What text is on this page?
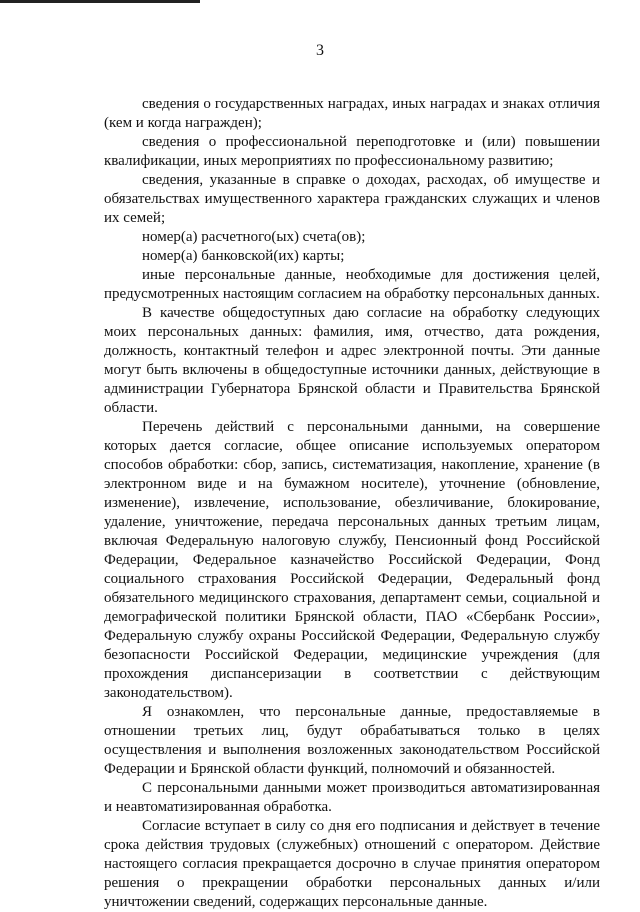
3

сведения о государственных наградах, иных наградах и знаках отличия (кем и когда награжден);

сведения о профессиональной переподготовке и (или) повышении квалификации, иных мероприятиях по профессиональному развитию;

сведения, указанные в справке о доходах, расходах, об имуществе и обязательствах имущественного характера гражданских служащих и членов их семей;

номер(а) расчетного(ых) счета(ов);

номер(а) банковской(их) карты;

иные персональные данные, необходимые для достижения целей, предусмотренных настоящим согласием на обработку персональных данных.

В качестве общедоступных даю согласие на обработку следующих моих персональных данных: фамилия, имя, отчество, дата рождения, должность, контактный телефон и адрес электронной почты. Эти данные могут быть включены в общедоступные источники данных, действующие в администрации Губернатора Брянской области и Правительства Брянской области.

Перечень действий с персональными данными, на совершение которых дается согласие, общее описание используемых оператором способов обработки: сбор, запись, систематизация, накопление, хранение (в электронном виде и на бумажном носителе), уточнение (обновление, изменение), извлечение, использование, обезличивание, блокирование, удаление, уничтожение, передача персональных данных третьим лицам, включая Федеральную налоговую службу, Пенсионный фонд Российской Федерации, Федеральное казначейство Российской Федерации, Фонд социального страхования Российской Федерации, Федеральный фонд обязательного медицинского страхования, департамент семьи, социальной и демографической политики Брянской области, ПАО «Сбербанк России», Федеральную службу охраны Российской Федерации, Федеральную службу безопасности Российской Федерации, медицинские учреждения (для прохождения диспансеризации в соответствии с действующим законодательством).

Я ознакомлен, что персональные данные, предоставляемые в отношении третьих лиц, будут обрабатываться только в целях осуществления и выполнения возложенных законодательством Российской Федерации и Брянской области функций, полномочий и обязанностей.

С персональными данными может производиться автоматизированная и неавтоматизированная обработка.

Согласие вступает в силу со дня его подписания и действует в течение срока действия трудовых (служебных) отношений с оператором. Действие настоящего согласия прекращается досрочно в случае принятия оператором решения о прекращении обработки персональных данных и/или уничтожении сведений, содержащих персональные данные.
